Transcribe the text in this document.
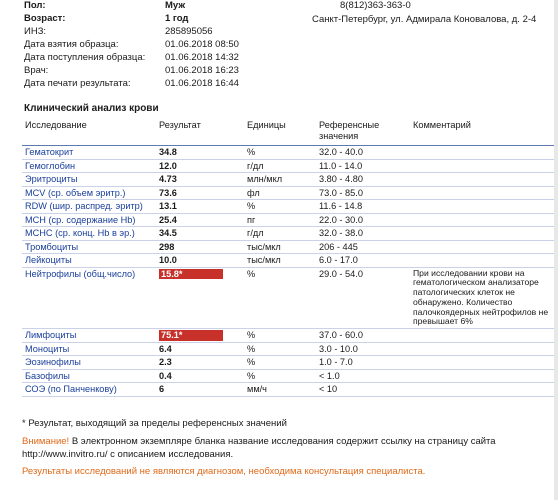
Пол:	Муж
Возраст:	1 год
ИНЗ:	285895056
Дата взятия образца:	01.06.2018 08:50
Дата поступления образца: 01.06.2018 14:32
Врач:	01.06.2018 16:23
Дата печати результата:	01.06.2018 16:44
8(812)363-363-0
Санкт-Петербург, ул. Адмирала Коновалова, д. 2-4
Клинический анализ крови
Исследование	Результат	Единицы	Референсные значения	Комментарий
Гематокрит	34.8	%	32.0 - 40.0	
Гемоглобин	12.0	г/дл	11.0 - 14.0	
Эритроциты	4.73	млн/мкл	3.80 - 4.80	
MCV (ср. объем эритр.)	73.6	фл	73.0 - 85.0	
RDW (шир. распред. эритр)	13.1	%	11.6 - 14.8	
MCH (ср. содержание Hb)	25.4	пг	22.0 - 30.0	
MCHC (ср. конц. Hb в эр.)	34.5	г/дл	32.0 - 38.0	
Тромбоциты	298	тыс/мкл	206 - 445	
Лейкоциты	10.0	тыс/мкл	6.0 - 17.0	
Нейтрофилы (общ.число)	15.8*	%	29.0 - 54.0	При исследовании крови на гематологическом анализаторе патологических клеток не обнаружено. Количество палочкоядерных нейтрофилов не превышает 6%
Лимфоциты	75.1*	%	37.0 - 60.0	
Моноциты	6.4	%	3.0 - 10.0	
Эозинофилы	2.3	%	1.0 - 7.0	
Базофилы	0.4	%	< 1.0	
СОЭ (по Панченкову)	6	мм/ч	< 10	
* Результат, выходящий за пределы референсных значений
Внимание! В электронном экземпляре бланка название исследования содержит ссылку на страницу сайта
http://www.invitro.ru/ с описанием исследования.
Результаты исследований не являются диагнозом, необходима консультация специалиста.
